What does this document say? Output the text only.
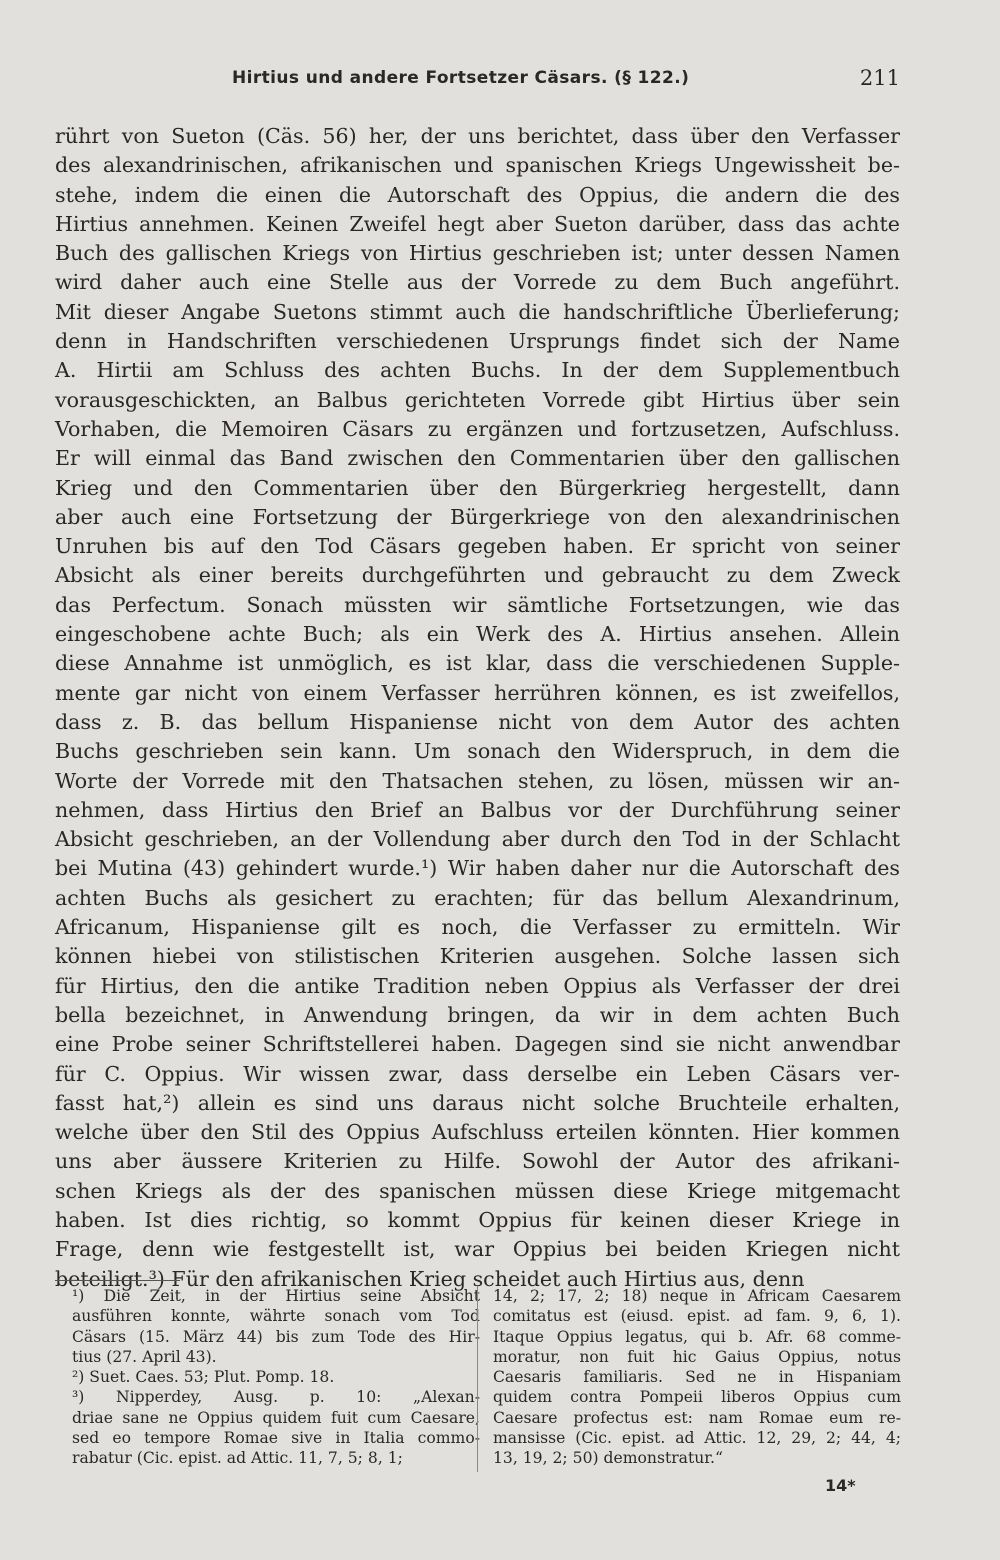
Hirtius und andere Fortsetzer Cäsars. (§ 122.)	211
rührt von Sueton (Cäs. 56) her, der uns berichtet, dass über den Verfasser
des alexandrinischen, afrikanischen und spanischen Kriegs Ungewissheit be-
stehe, indem die einen die Autorschaft des Oppius, die andern die des
Hirtius annehmen. Keinen Zweifel hegt aber Sueton darüber, dass das achte
Buch des gallischen Kriegs von Hirtius geschrieben ist; unter dessen Namen
wird daher auch eine Stelle aus der Vorrede zu dem Buch angeführt.
Mit dieser Angabe Suetons stimmt auch die handschriftliche Überlieferung;
denn in Handschriften verschiedenen Ursprungs findet sich der Name
A. Hirtii am Schluss des achten Buchs. In der dem Supplementbuch
vorausgeschickten, an Balbus gerichteten Vorrede gibt Hirtius über sein
Vorhaben, die Memoiren Cäsars zu ergänzen und fortzusetzen, Aufschluss.
Er will einmal das Band zwischen den Commentarien über den gallischen
Krieg und den Commentarien über den Bürgerkrieg hergestellt, dann
aber auch eine Fortsetzung der Bürgerkriege von den alexandrinischen
Unruhen bis auf den Tod Cäsars gegeben haben. Er spricht von seiner
Absicht als einer bereits durchgeführten und gebraucht zu dem Zweck
das Perfectum. Sonach müssten wir sämtliche Fortsetzungen, wie das
eingeschobene achte Buch; als ein Werk des A. Hirtius ansehen. Allein
diese Annahme ist unmöglich, es ist klar, dass die verschiedenen Supple-
mente gar nicht von einem Verfasser herrühren können, es ist zweifellos,
dass z. B. das bellum Hispaniense nicht von dem Autor des achten
Buchs geschrieben sein kann. Um sonach den Widerspruch, in dem die
Worte der Vorrede mit den Thatsachen stehen, zu lösen, müssen wir an-
nehmen, dass Hirtius den Brief an Balbus vor der Durchführung seiner
Absicht geschrieben, an der Vollendung aber durch den Tod in der Schlacht
bei Mutina (43) gehindert wurde.¹) Wir haben daher nur die Autorschaft des
achten Buchs als gesichert zu erachten; für das bellum Alexandrinum,
Africanum, Hispaniense gilt es noch, die Verfasser zu ermitteln. Wir
können hiebei von stilistischen Kriterien ausgehen. Solche lassen sich
für Hirtius, den die antike Tradition neben Oppius als Verfasser der drei
bella bezeichnet, in Anwendung bringen, da wir in dem achten Buch
eine Probe seiner Schriftstellerei haben. Dagegen sind sie nicht anwendbar
für C. Oppius. Wir wissen zwar, dass derselbe ein Leben Cäsars ver-
fasst hat,²) allein es sind uns daraus nicht solche Bruchteile erhalten,
welche über den Stil des Oppius Aufschluss erteilen könnten. Hier kommen
uns aber äussere Kriterien zu Hilfe. Sowohl der Autor des afrikani-
schen Kriegs als der des spanischen müssen diese Kriege mitgemacht
haben. Ist dies richtig, so kommt Oppius für keinen dieser Kriege in
Frage, denn wie festgestellt ist, war Oppius bei beiden Kriegen nicht
beteiligt.³) Für den afrikanischen Krieg scheidet auch Hirtius aus, denn
¹) Die Zeit, in der Hirtius seine Absicht
ausführen konnte, währte sonach vom Tod
Cäsars (15. März 44) bis zum Tode des Hir-
tius (27. April 43).
²) Suet. Caes. 53; Plut. Pomp. 18.
³) Nipperdey, Ausg. p. 10: „Alexan-
driae sane ne Oppius quidem fuit cum Caesare,
sed eo tempore Romae sive in Italia commo-
rabatur (Cic. epist. ad Attic. 11, 7, 5; 8, 1;
14, 2; 17, 2; 18) neque in Africam Caesarem
comitatus est (eiusd. epist. ad fam. 9, 6, 1).
Itaque Oppius legatus, qui b. Afr. 68 comme-
moratur, non fuit hic Gaius Oppius, notus
Caesaris familiaris. Sed ne in Hispaniam
quidem contra Pompeii liberos Oppius cum
Caesare profectus est: nam Romae eum re-
mansisse (Cic. epist. ad Attic. 12, 29, 2; 44, 4;
13, 19, 2; 50) demonstratur.“
14*
